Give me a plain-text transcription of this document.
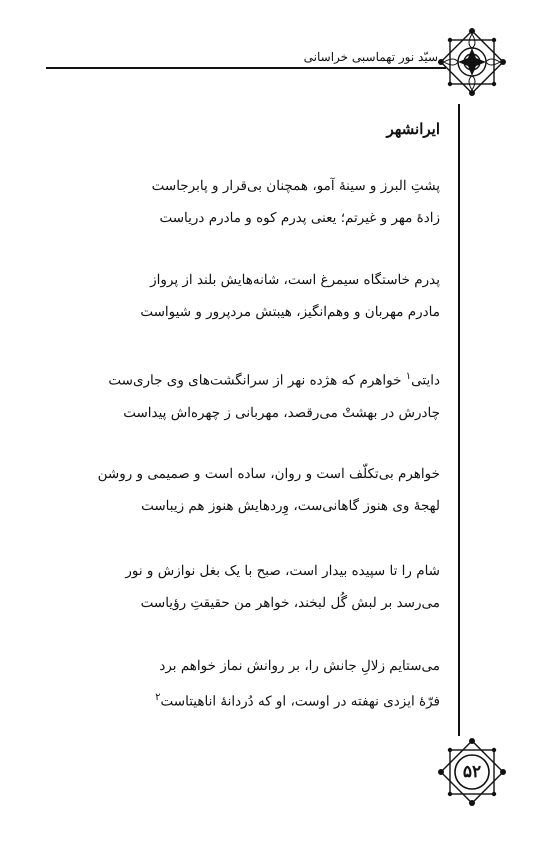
سیّد نور تهماسبی خراسانی
ایرانشهر
پشتِ البرز و سینهٔ آمو، همچنان بی‌قرار و پابرجاست
زادهٔ مهر و غیرتم؛ یعنی پدرم کوه و مادرم دریاست
پدرم خاستگاه سیمرغ است، شانه‌هایش بلند از پرواز
مادرم مهربان و وهم‌انگیز، هیبتش مردپرور و شیواست
دایتی$^۱$ خواهرم که هژده نهر از سرانگشت‌های وی جاری‌ست
چادرش در بهشتْ می‌رقصد، مهربانی ز چهره‌اش پیداست
خواهرم بی‌تکلّف است و روان، ساده است و صمیمی و روشن
لهجهٔ وی هنوز گاهانی‌ست، وِردهایش هنوز هم زیباست
شام را تا سپیده بیدار است، صبح با یک بغل نوازش و نور
می‌رسد بر لبش گُل لبخند، خواهر من حقیقتِ رؤیاست
می‌ستایم زلالِ جانش را، بر روانش نماز خواهم برد
فرّهٔ ایزدی نهفته در اوست، او که دُردانهٔ اناهیتاست$^۲$
۵۲
